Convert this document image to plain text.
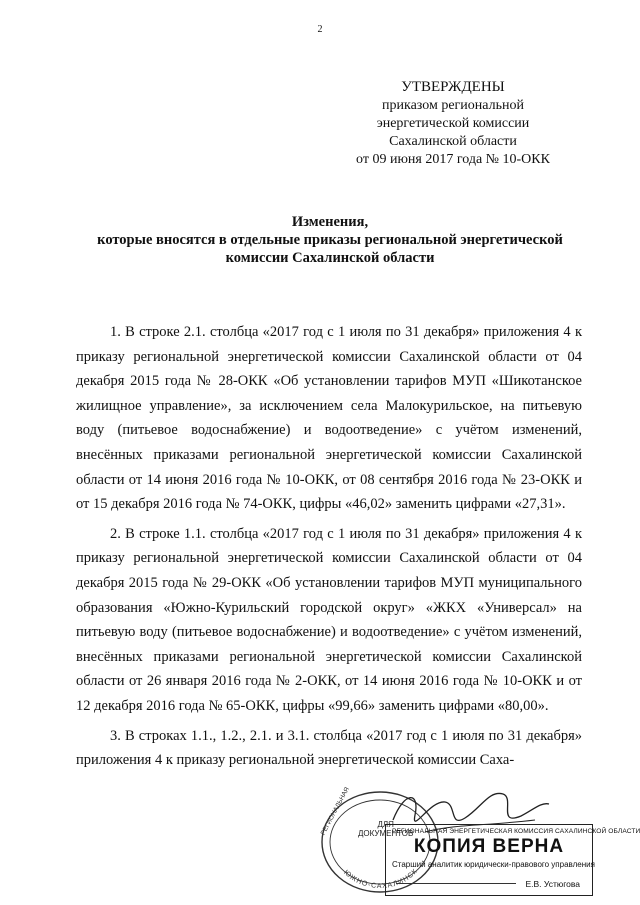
2
УТВЕРЖДЕНЫ
приказом региональной
энергетической комиссии
Сахалинской области
от 09 июня 2017 года № 10-ОКК
Изменения,
которые вносятся в отдельные приказы региональной энергетической
комиссии Сахалинской области

1. В строке 2.1. столбца «2017 год с 1 июля по 31 декабря» приложения 4 к приказу региональной энергетической комиссии Сахалинской области от 04 декабря 2015 года № 28-ОКК «Об установлении тарифов МУП «Шикотанское жилищное управление», за исключением села Малокурильское, на питьевую воду (питьевое водоснабжение) и водоотведение» с учётом изменений, внесённых приказами региональной энергетической комиссии Сахалинской области от 14 июня 2016 года № 10-ОКК, от 08 сентября 2016 года № 23-ОКК и от 15 декабря 2016 года № 74-ОКК, цифры «46,02» заменить цифрами «27,31».

2. В строке 1.1. столбца «2017 год с 1 июля по 31 декабря» приложения 4 к приказу региональной энергетической комиссии Сахалинской области от 04 декабря 2015 года № 29-ОКК «Об установлении тарифов МУП муниципального образования «Южно-Курильский городской округ» «ЖКХ «Универсал» на питьевую воду (питьевое водоснабжение) и водоотведение» с учётом изменений, внесённых приказами региональной энергетической комиссии Сахалинской области от 26 января 2016 года № 2-ОКК, от 14 июня 2016 года № 10-ОКК и от 12 декабря 2016 года № 65-ОКК, цифры «99,66» заменить цифрами «80,00».

3. В строках 1.1., 1.2., 2.1. и 3.1. столбца «2017 год с 1 июля по 31 декабря» приложения 4 к приказу региональной энергетической комиссии Саха-

ЮЖНО-САХАЛИНСК
РЕГИОНАЛЬНАЯ	ДЛЯ
ДОКУМЕНТОВ
РЕГИОНАЛЬНАЯ ЭНЕРГЕТИЧЕСКАЯ КОМИССИЯ САХАЛИНСКОЙ ОБЛАСТИ
КОПИЯ ВЕРНА
Старший аналитик юридически-правового управления
Е.В. Устюгова
